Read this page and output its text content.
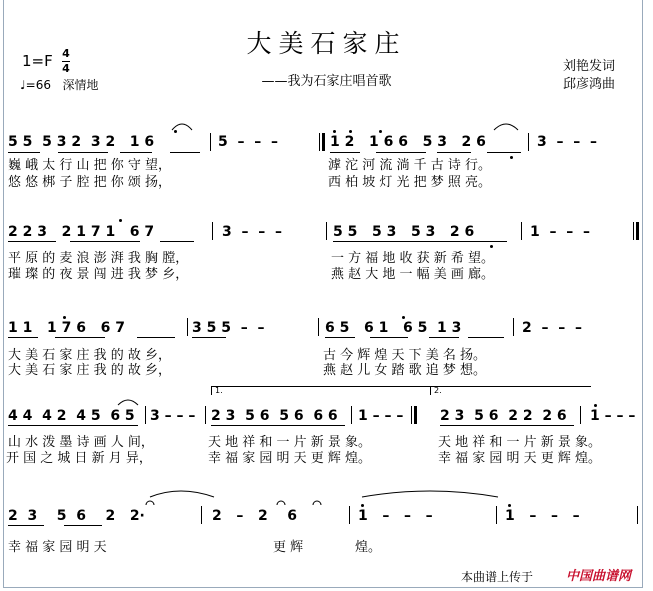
大美石家庄
——我为石家庄唱首歌
1=F 4
4
♩=66 深情地
刘艳发词
邱彦鸿曲
5 5  5 3 2  3 2   1 6	5  –  –  –	1 2   1 6 6   5 3   2 6	3  –  –  –
巍 峨 太 行 山 把 你 守 望，
悠 悠 梆 子 腔 把 你 颂 扬，
滹 沱 河 流 淌 千 古 诗 行。
西 柏 坡 灯 光 把 梦 照 亮。
2 2 3   2 1 7 1   6 7	3  –  –  –	5 5   5 3   5 3   2 6	1  –  –  –
平 原 的 麦 浪 澎 湃 我 胸 膛，
璀 璨 的 夜 景 闯 进 我 梦 乡，
一 方 福 地 收 获 新 希 望。
燕 赵 大 地 一 幅 美 画 廊。
1 1   1 7 6   6 7	3 5 5  –  –	6 5   6 1   6 5  1 3	2  –  –  –
大 美 石 家 庄 我 的 故 乡，
大 美 石 家 庄 我 的 故 乡，
古 今 辉 煌 天 下 美 名 扬。
燕 赵 儿 女 踏 歌 追 梦 想。
1.	2.
4 4  4 2  4 5  6 5 3 – – – 2 3  5 6  5 6  6 6 1 – – –	2 3  5 6  2 2  2 6 1 – – –
山 水 泼 墨 诗 画 人 间，
开 国 之 城 日 新 月 异，
天 地 祥 和 一 片 新 景 象。
幸 福 家 园 明 天 更 辉 煌。
天 地 祥 和 一 片 新 景 象。
幸 福 家 园 明 天 更 辉 煌。
2  3    5  6    2   2·	2   –   2    6	1   –   –   –	1   –   –   –
幸 福 家 园 明 天	更 辉	煌。
本曲谱上传于	中国曲谱网
